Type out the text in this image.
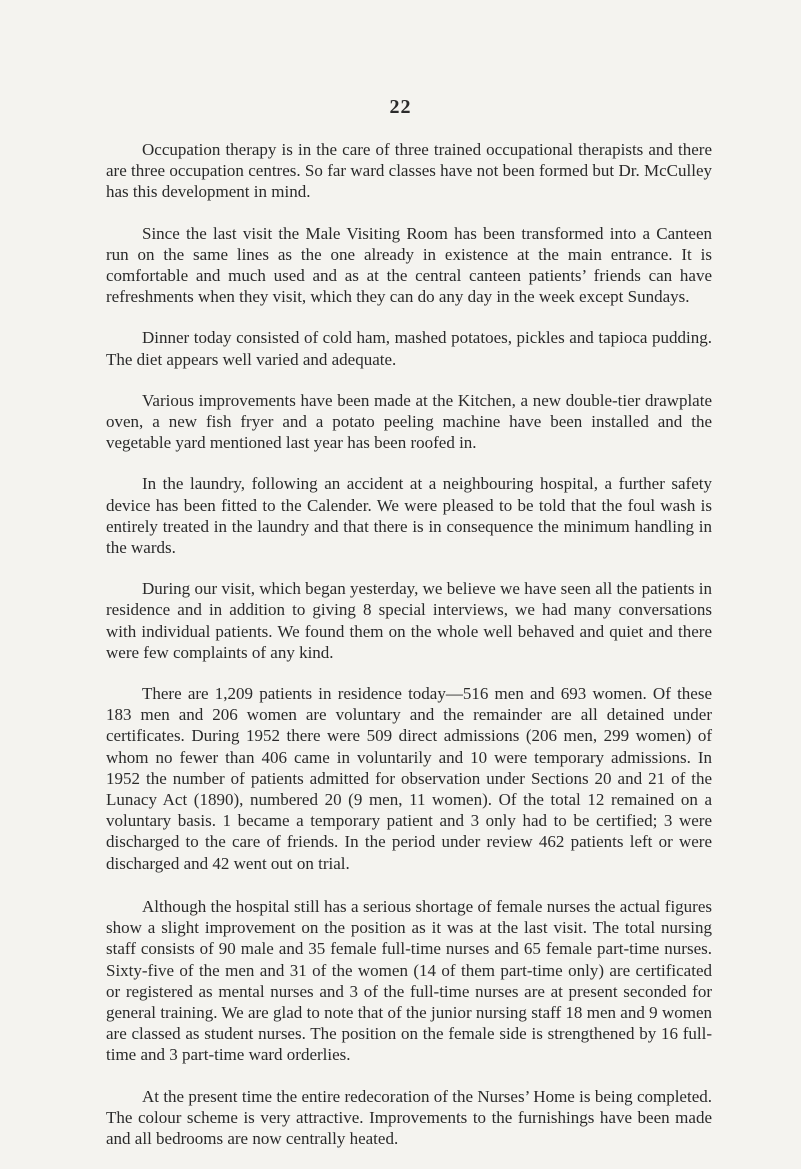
22

Occupation therapy is in the care of three trained occupational therapists and there are three occupation centres. So far ward classes have not been formed but Dr. McCulley has this development in mind.

Since the last visit the Male Visiting Room has been transformed into a Canteen run on the same lines as the one already in existence at the main entrance. It is comfortable and much used and as at the central canteen patients’ friends can have refreshments when they visit, which they can do any day in the week except Sundays.

Dinner today consisted of cold ham, mashed potatoes, pickles and tapioca pudding. The diet appears well varied and adequate.

Various improvements have been made at the Kitchen, a new double-tier drawplate oven, a new fish fryer and a potato peeling machine have been installed and the vegetable yard mentioned last year has been roofed in.

In the laundry, following an accident at a neighbouring hospital, a further safety device has been fitted to the Calender. We were pleased to be told that the foul wash is entirely treated in the laundry and that there is in consequence the minimum handling in the wards.

During our visit, which began yesterday, we believe we have seen all the patients in residence and in addition to giving 8 special interviews, we had many conversations with individual patients. We found them on the whole well behaved and quiet and there were few complaints of any kind.

There are 1,209 patients in residence today—516 men and 693 women. Of these 183 men and 206 women are voluntary and the remainder are all detained under certificates. During 1952 there were 509 direct admissions (206 men, 299 women) of whom no fewer than 406 came in voluntarily and 10 were temporary admissions. In 1952 the number of patients admitted for observation under Sections 20 and 21 of the Lunacy Act (1890), numbered 20 (9 men, 11 women). Of the total 12 remained on a voluntary basis. 1 became a temporary patient and 3 only had to be certified; 3 were discharged to the care of friends. In the period under review 462 patients left or were discharged and 42 went out on trial.

Although the hospital still has a serious shortage of female nurses the actual figures show a slight improvement on the position as it was at the last visit. The total nursing staff consists of 90 male and 35 female full-time nurses and 65 female part-time nurses. Sixty-five of the men and 31 of the women (14 of them part-time only) are certificated or registered as mental nurses and 3 of the full-time nurses are at present seconded for general training. We are glad to note that of the junior nursing staff 18 men and 9 women are classed as student nurses. The position on the female side is strengthened by 16 full-time and 3 part-time ward orderlies.

At the present time the entire redecoration of the Nurses’ Home is being completed. The colour scheme is very attractive. Improvements to the furnishings have been made and all bedrooms are now centrally heated.
